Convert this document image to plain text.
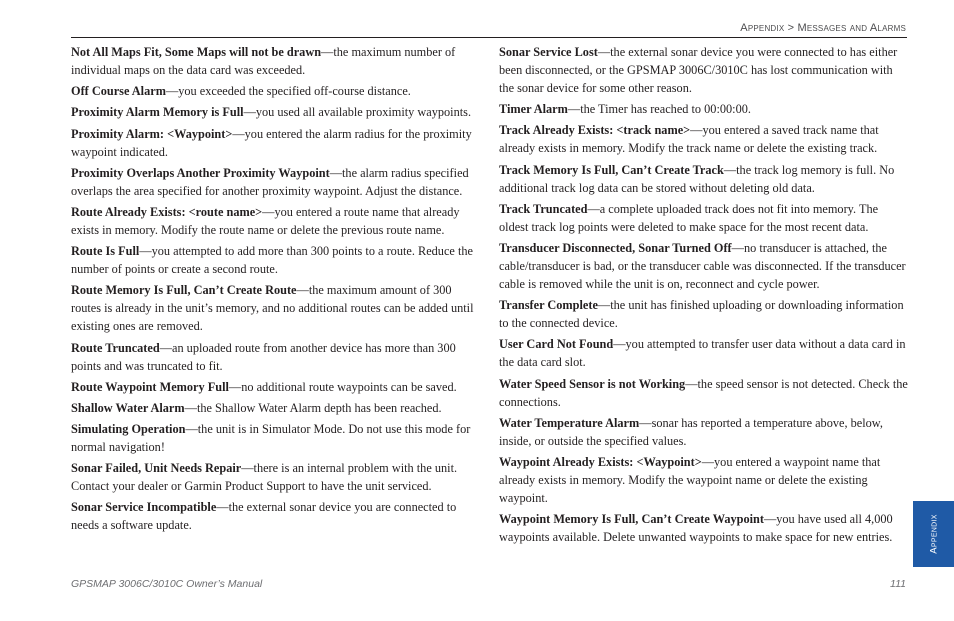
Appendix > Messages and Alarms

Not All Maps Fit, Some Maps will not be drawn—the maximum number of individual maps on the data card was exceeded.

Off Course Alarm—you exceeded the specified off-course distance.

Proximity Alarm Memory is Full—you used all available proximity waypoints.

Proximity Alarm: <Waypoint>—you entered the alarm radius for the proximity waypoint indicated.

Proximity Overlaps Another Proximity Waypoint—the alarm radius specified overlaps the area specified for another proximity waypoint. Adjust the distance.

Route Already Exists: <route name>—you entered a route name that already exists in memory. Modify the route name or delete the previous route name.

Route Is Full—you attempted to add more than 300 points to a route. Reduce the number of points or create a second route.

Route Memory Is Full, Can’t Create Route—the maximum amount of 300 routes is already in the unit’s memory, and no additional routes can be added until existing ones are removed.

Route Truncated—an uploaded route from another device has more than 300 points and was truncated to fit.

Route Waypoint Memory Full—no additional route waypoints can be saved.

Shallow Water Alarm—the Shallow Water Alarm depth has been reached.

Simulating Operation—the unit is in Simulator Mode. Do not use this mode for normal navigation!

Sonar Failed, Unit Needs Repair—there is an internal problem with the unit. Contact your dealer or Garmin Product Support to have the unit serviced.

Sonar Service Incompatible—the external sonar device you are connected to needs a software update.

Sonar Service Lost—the external sonar device you were connected to has either been disconnected, or the GPSMAP 3006C/3010C has lost communication with the sonar device for some other reason.

Timer Alarm—the Timer has reached to 00:00:00.

Track Already Exists: <track name>—you entered a saved track name that already exists in memory. Modify the track name or delete the existing track.

Track Memory Is Full, Can’t Create Track—the track log memory is full. No additional track log data can be stored without deleting old data.

Track Truncated—a complete uploaded track does not fit into memory. The oldest track log points were deleted to make space for the most recent data.

Transducer Disconnected, Sonar Turned Off—no transducer is attached, the cable/transducer is bad, or the transducer cable was disconnected. If the transducer cable is removed while the unit is on, reconnect and cycle power.

Transfer Complete—the unit has finished uploading or downloading information to the connected device.

User Card Not Found—you attempted to transfer user data without a data card in the data card slot.

Water Speed Sensor is not Working—the speed sensor is not detected. Check the connections.

Water Temperature Alarm—sonar has reported a temperature above, below, inside, or outside the specified values.

Waypoint Already Exists: <Waypoint>—you entered a waypoint name that already exists in memory. Modify the waypoint name or delete the existing waypoint.

Waypoint Memory Is Full, Can’t Create Waypoint—you have used all 4,000 waypoints available. Delete unwanted waypoints to make space for new entries.	Appendix
GPSMAP 3006C/3010C Owner’s Manual	111
